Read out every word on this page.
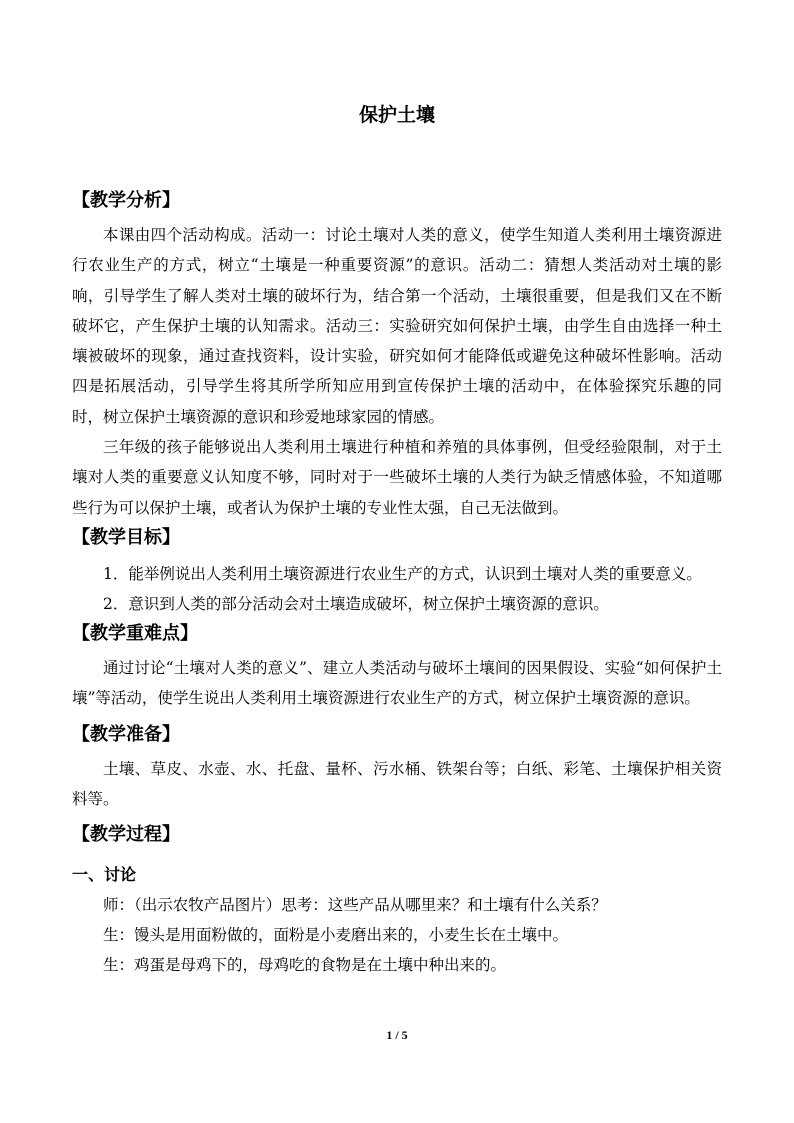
保护土壤
【教学分析】

本课由四个活动构成。活动一：讨论土壤对人类的意义，使学生知道人类利用土壤资源进行农业生产的方式，树立“土壤是一种重要资源”的意识。活动二：猜想人类活动对土壤的影响，引导学生了解人类对土壤的破坏行为，结合第一个活动，土壤很重要，但是我们又在不断破坏它，产生保护土壤的认知需求。活动三：实验研究如何保护土壤，由学生自由选择一种土壤被破坏的现象，通过查找资料，设计实验，研究如何才能降低或避免这种破坏性影响。活动四是拓展活动，引导学生将其所学所知应用到宣传保护土壤的活动中，在体验探究乐趣的同时，树立保护土壤资源的意识和珍爱地球家园的情感。

三年级的孩子能够说出人类利用土壤进行种植和养殖的具体事例，但受经验限制，对于土壤对人类的重要意义认知度不够，同时对于一些破坏土壤的人类行为缺乏情感体验，不知道哪些行为可以保护土壤，或者认为保护土壤的专业性太强，自己无法做到。

【教学目标】

1．能举例说出人类利用土壤资源进行农业生产的方式，认识到土壤对人类的重要意义。

2．意识到人类的部分活动会对土壤造成破坏，树立保护土壤资源的意识。

【教学重难点】

通过讨论“土壤对人类的意义”、建立人类活动与破坏土壤间的因果假设、实验“如何保护土壤”等活动，使学生说出人类利用土壤资源进行农业生产的方式，树立保护土壤资源的意识。

【教学准备】

土壤、草皮、水壶、水、托盘、量杯、污水桶、铁架台等；白纸、彩笔、土壤保护相关资料等。

【教学过程】
一、讨论

师：（出示农牧产品图片）思考：这些产品从哪里来？和土壤有什么关系？

生：馒头是用面粉做的，面粉是小麦磨出来的，小麦生长在土壤中。

生：鸡蛋是母鸡下的，母鸡吃的食物是在土壤中种出来的。

1 / 5
